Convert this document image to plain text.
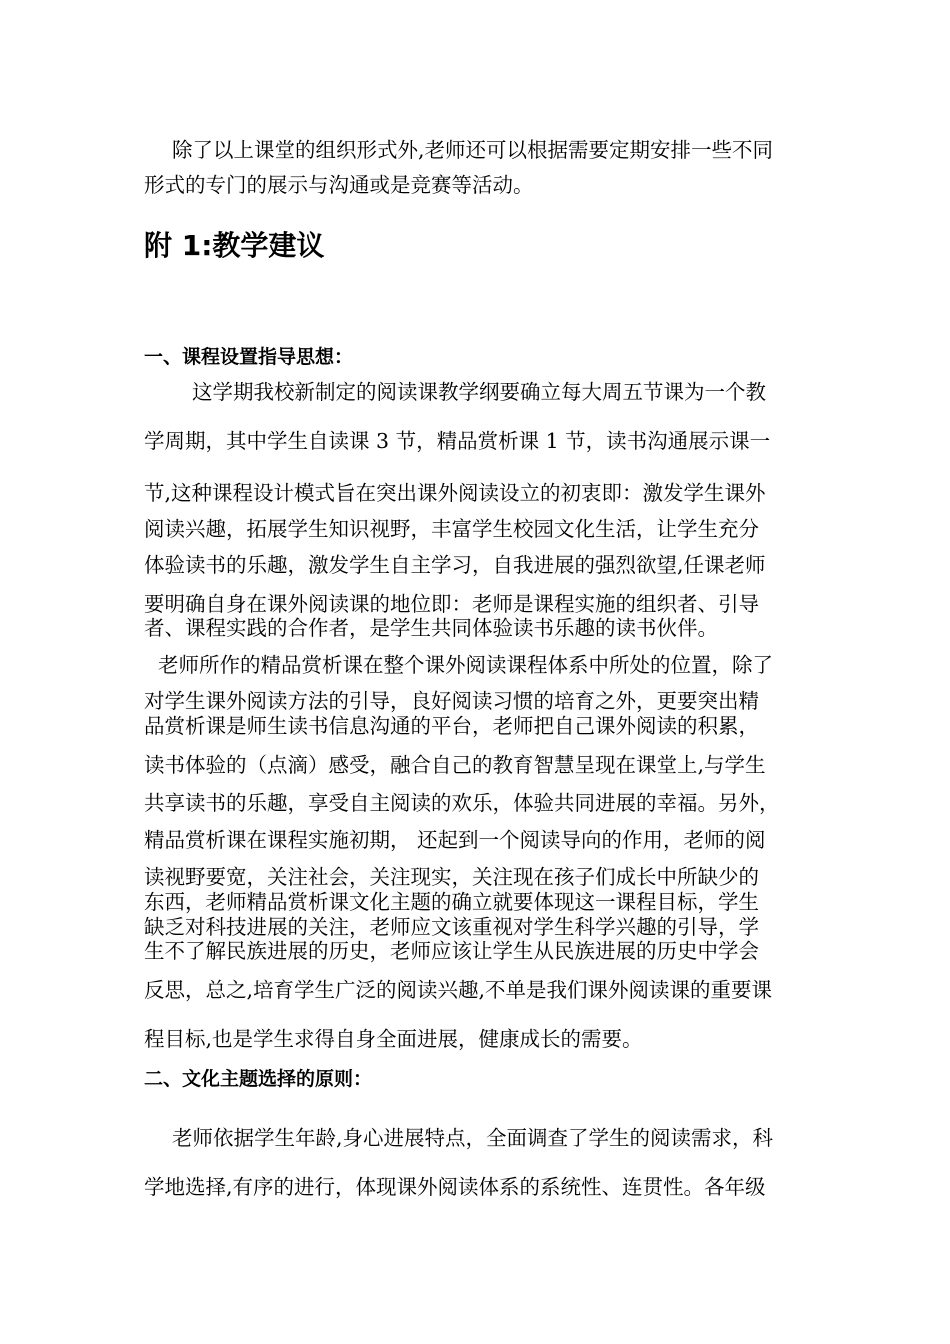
除了以上课堂的组织形式外,老师还可以根据需要定期安排一些不同
形式的专门的展示与沟通或是竞赛等活动。
附 1:教学建议
一、课程设置指导思想：
这学期我校新制定的阅读课教学纲要确立每大周五节课为一个教
学周期，其中学生自读课 3 节，精品赏析课 1 节，读书沟通展示课一
节,这种课程设计模式旨在突出课外阅读设立的初衷即：激发学生课外
阅读兴趣，拓展学生知识视野，丰富学生校园文化生活，让学生充分
体验读书的乐趣，激发学生自主学习，自我进展的强烈欲望,任课老师
要明确自身在课外阅读课的地位即：老师是课程实施的组织者、引导
者、课程实践的合作者，是学生共同体验读书乐趣的读书伙伴。
老师所作的精品赏析课在整个课外阅读课程体系中所处的位置，除了
对学生课外阅读方法的引导，良好阅读习惯的培育之外，更要突出精
品赏析课是师生读书信息沟通的平台，老师把自己课外阅读的积累，
读书体验的（点滴）感受，融合自己的教育智慧呈现在课堂上,与学生
共享读书的乐趣，享受自主阅读的欢乐，体验共同进展的幸福。另外，
精品赏析课在课程实施初期， 还起到一个阅读导向的作用，老师的阅
读视野要宽，关注社会，关注现实，关注现在孩子们成长中所缺少的
东西，老师精品赏析课文化主题的确立就要体现这一课程目标，学生
缺乏对科技进展的关注，老师应文该重视对学生科学兴趣的引导，学
生不了解民族进展的历史，老师应该让学生从民族进展的历史中学会
反思，总之,培育学生广泛的阅读兴趣,不单是我们课外阅读课的重要课
程目标,也是学生求得自身全面进展，健康成长的需要。
二、文化主题选择的原则：
老师依据学生年龄,身心进展特点，全面调查了学生的阅读需求，科
学地选择,有序的进行，体现课外阅读体系的系统性、连贯性。各年级
